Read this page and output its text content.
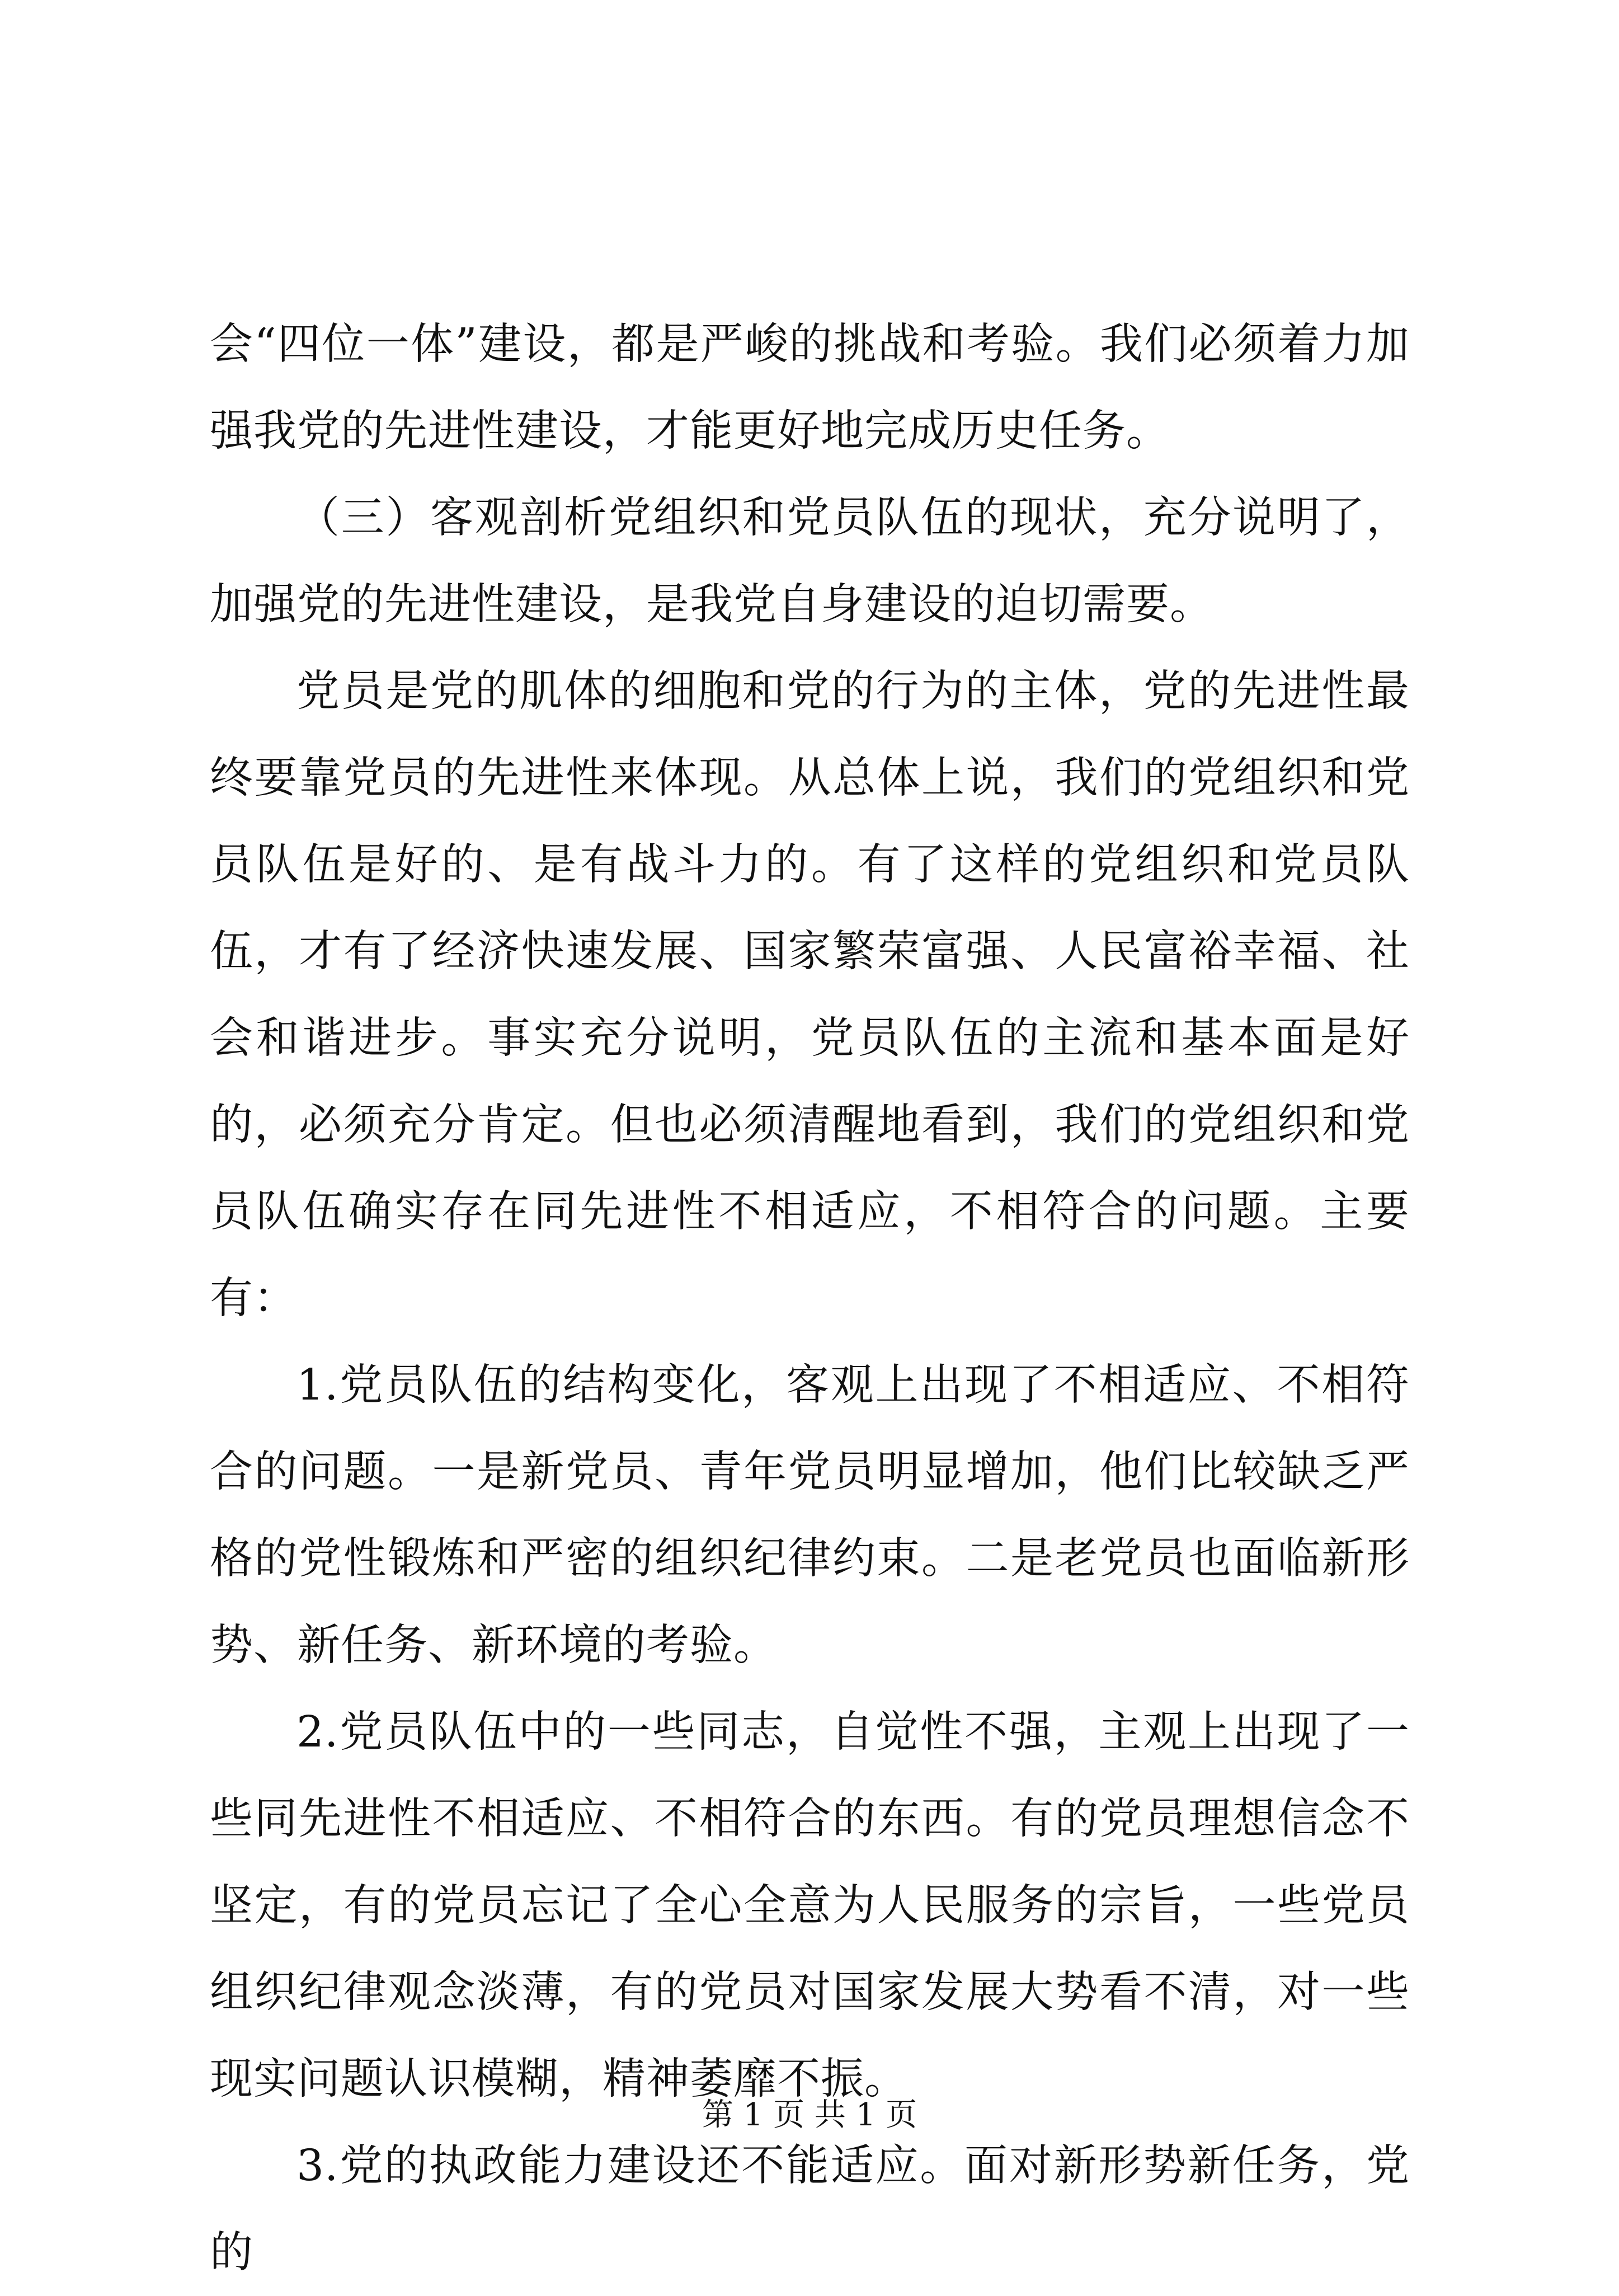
会“四位一体”建设，都是严峻的挑战和考验。我们必须着力加强我党的先进性建设，才能更好地完成历史任务。

（三）客观剖析党组织和党员队伍的现状，充分说明了，加强党的先进性建设，是我党自身建设的迫切需要。

党员是党的肌体的细胞和党的行为的主体，党的先进性最终要靠党员的先进性来体现。从总体上说，我们的党组织和党员队伍是好的、是有战斗力的。有了这样的党组织和党员队伍，才有了经济快速发展、国家繁荣富强、人民富裕幸福、社会和谐进步。事实充分说明，党员队伍的主流和基本面是好的，必须充分肯定。但也必须清醒地看到，我们的党组织和党员队伍确实存在同先进性不相适应，不相符合的问题。主要有：

1.党员队伍的结构变化，客观上出现了不相适应、不相符合的问题。一是新党员、青年党员明显增加，他们比较缺乏严格的党性锻炼和严密的组织纪律约束。二是老党员也面临新形势、新任务、新环境的考验。

2.党员队伍中的一些同志，自觉性不强，主观上出现了一些同先进性不相适应、不相符合的东西。有的党员理想信念不坚定，有的党员忘记了全心全意为人民服务的宗旨，一些党员组织纪律观念淡薄，有的党员对国家发展大势看不清，对一些现实问题认识模糊，精神萎靡不振。

3.党的执政能力建设还不能适应。面对新形势新任务，党的

第 1 页 共 1 页
